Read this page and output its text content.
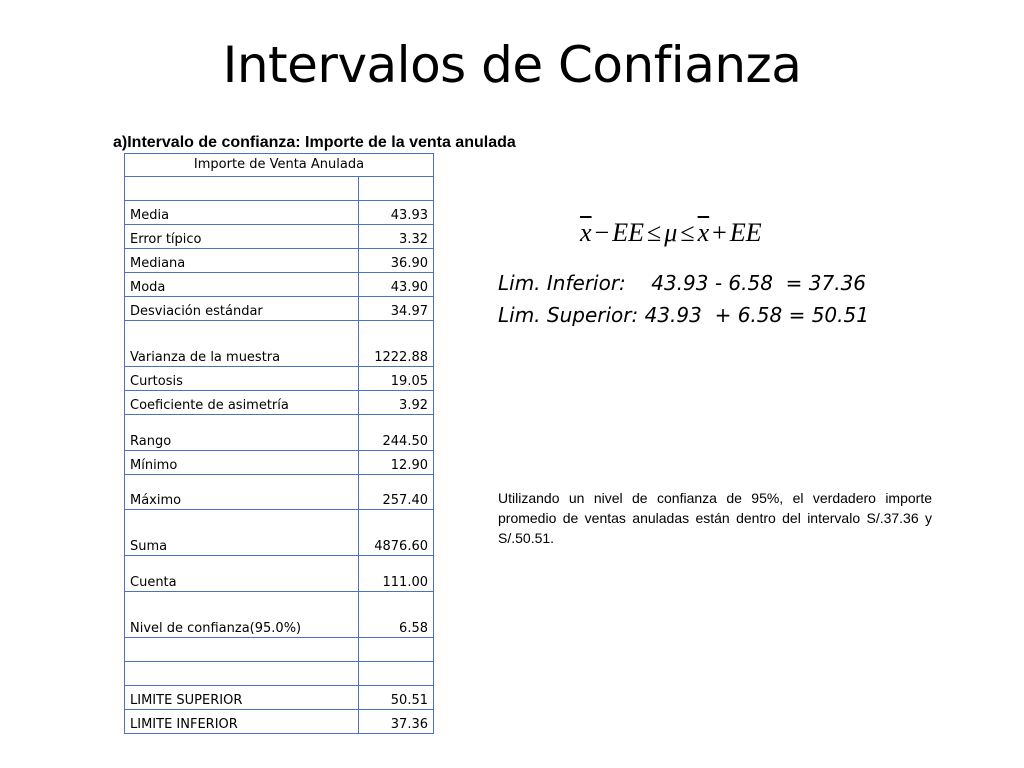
Intervalos de Confianza
a)Intervalo de confianza: Importe de la venta anulada
Importe de Venta Anulada	

Media	43.93
Error típico	3.32
Mediana	36.90
Moda	43.90
Desviación estándar	34.97
Varianza de la muestra	1222.88
Curtosis	19.05
Coeficiente de asimetría	3.92
Rango	244.50
Mínimo	12.90
Máximo	257.40
Suma	4876.60
Cuenta	111.00
Nivel de confianza(95.0%)	6.58

LIMITE SUPERIOR	50.51
LIMITE INFERIOR	37.36
$\overline{x}$ − EE ≤ $\mu \le \overline{x}$ + EE
Lim. Inferior:    43.93 - 6.58  = 37.36
Lim. Superior: 43.93  + 6.58 = 50.51
Utilizando un nivel de confianza de 95%, el verdadero importe promedio de ventas anuladas están dentro del intervalo S/.37.36 y S/.50.51.
